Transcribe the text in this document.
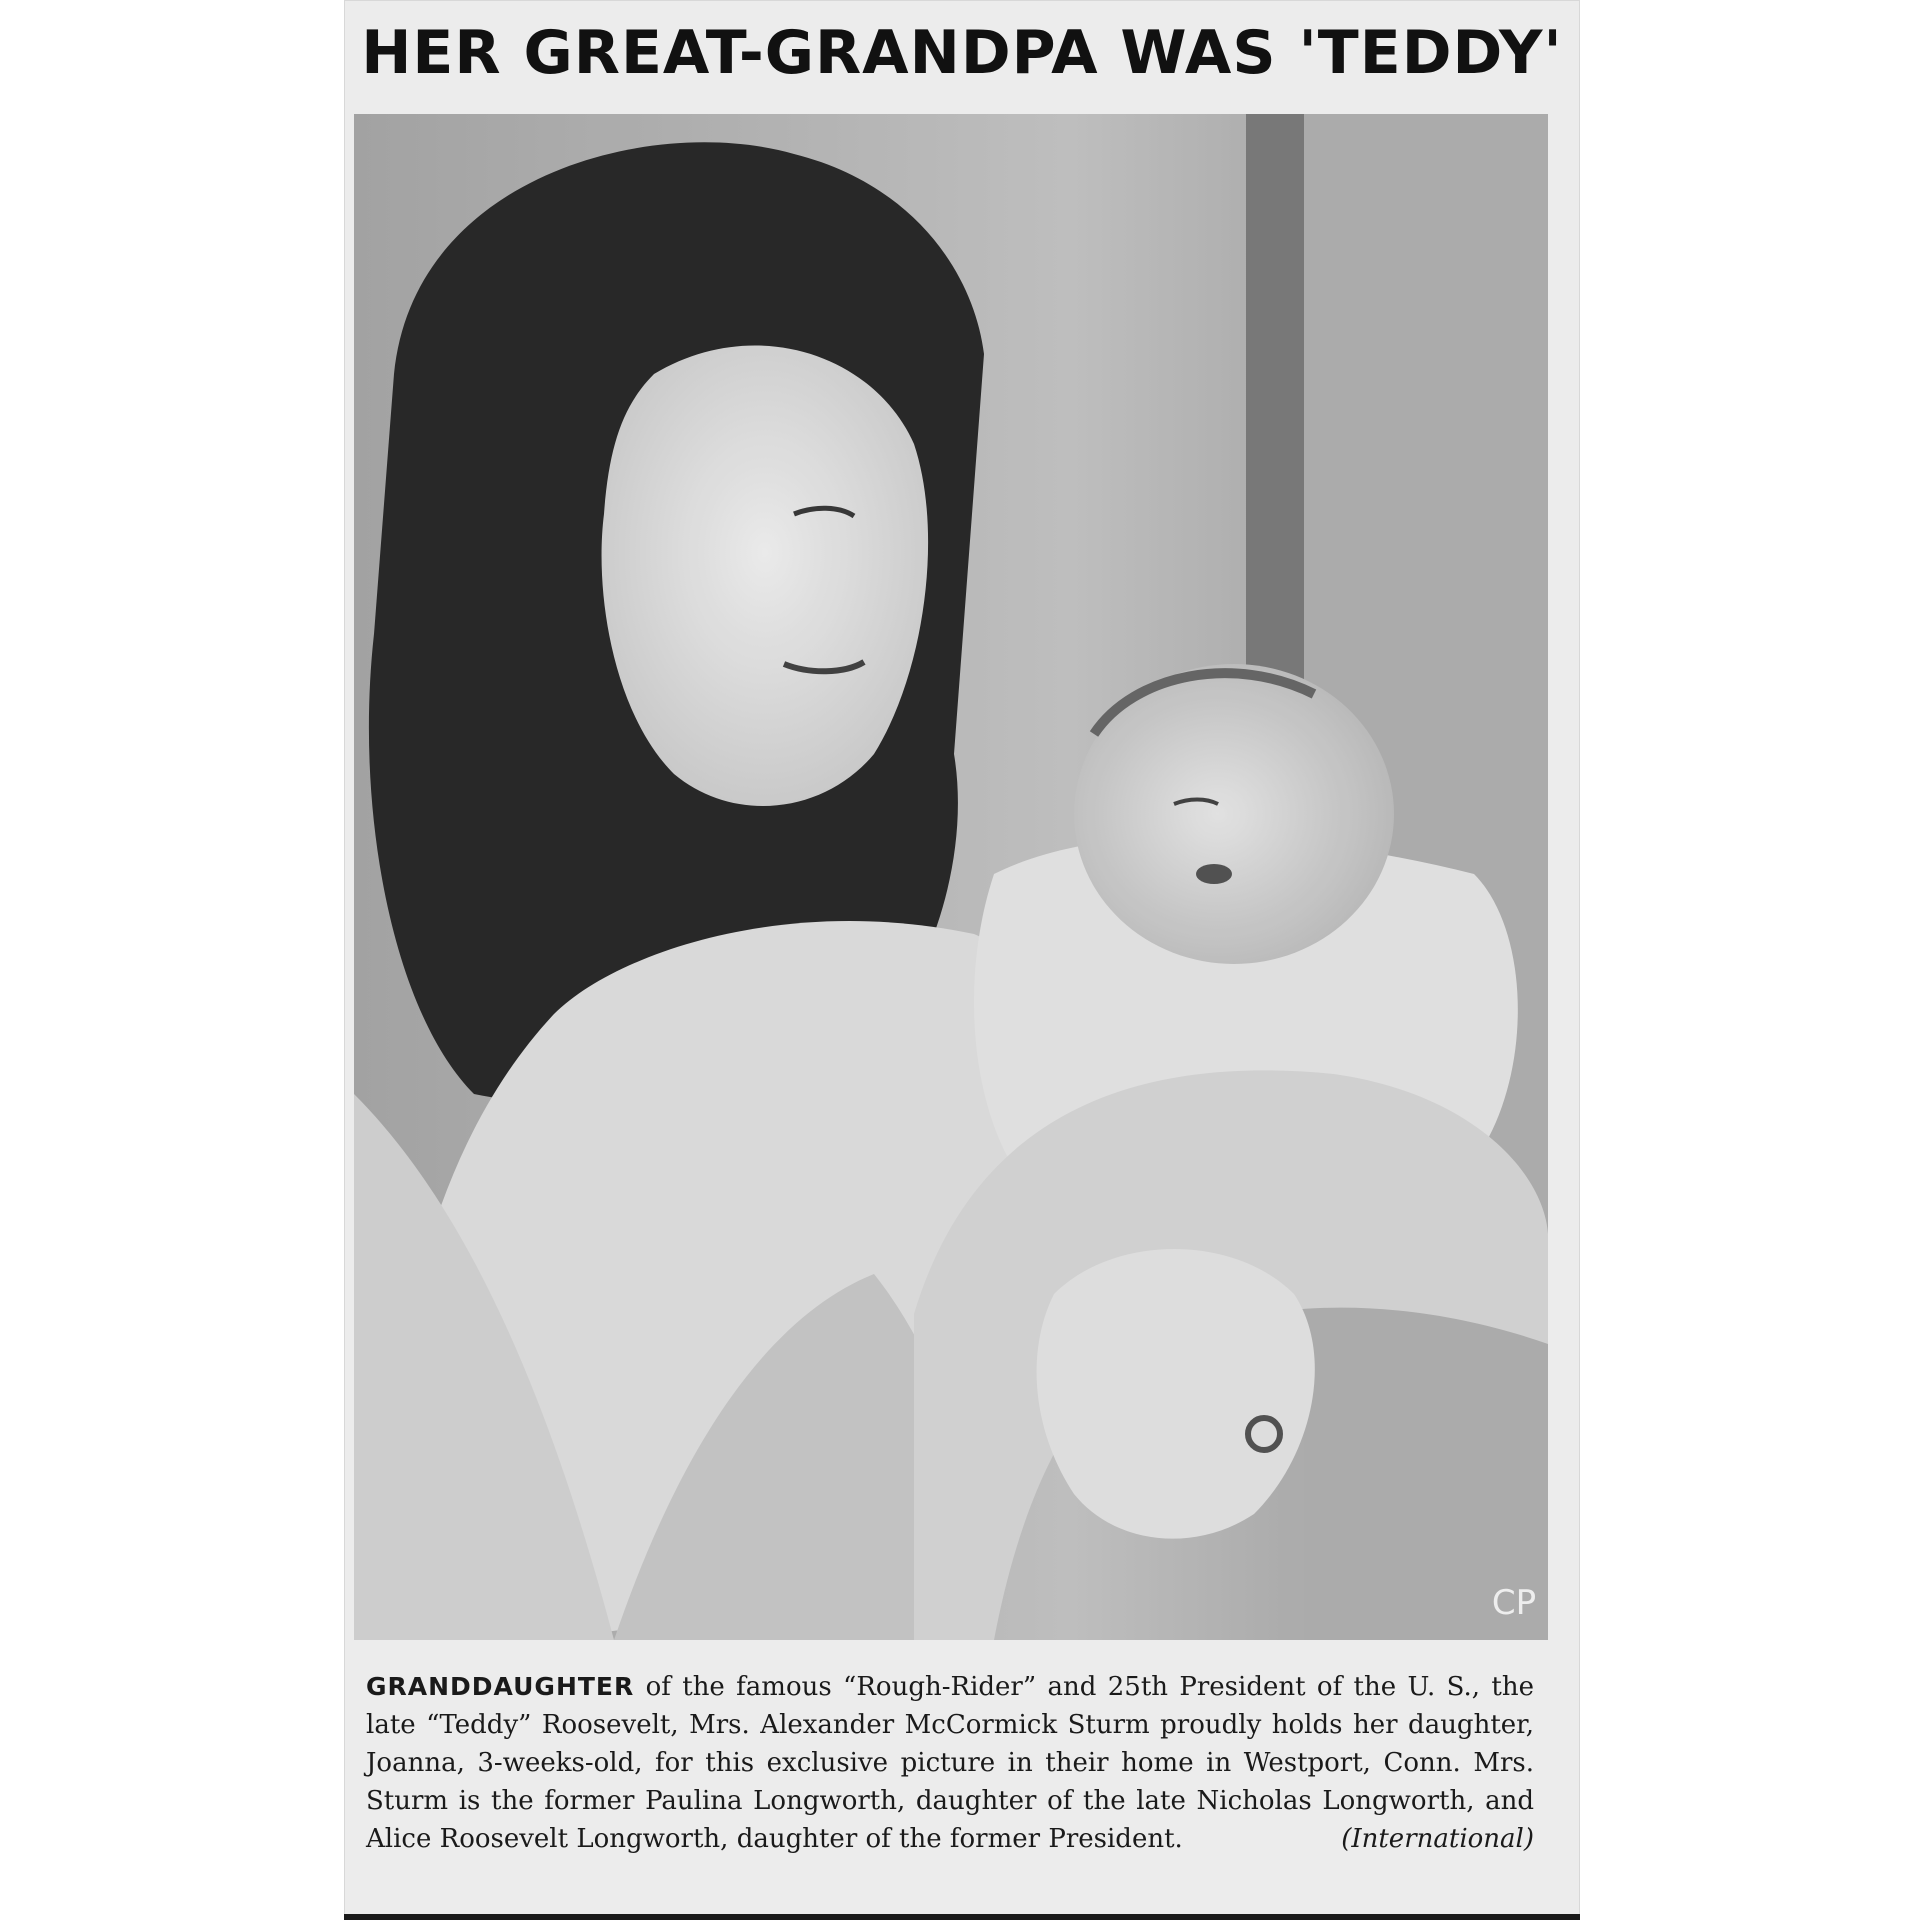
HER GREAT-GRANDPA WAS 'TEDDY'
CP
GRANDDAUGHTER of the famous “Rough-Rider” and 25th President of the U. S., the late “Teddy” Roosevelt, Mrs. Alexander McCormick Sturm proudly holds her daughter, Joanna, 3-weeks-old, for this exclusive picture in their home in Westport, Conn. Mrs. Sturm is the former Paulina Longworth, daughter of the late Nicholas Longworth, and Alice Roosevelt Longworth, daughter of the former President.	(International)
